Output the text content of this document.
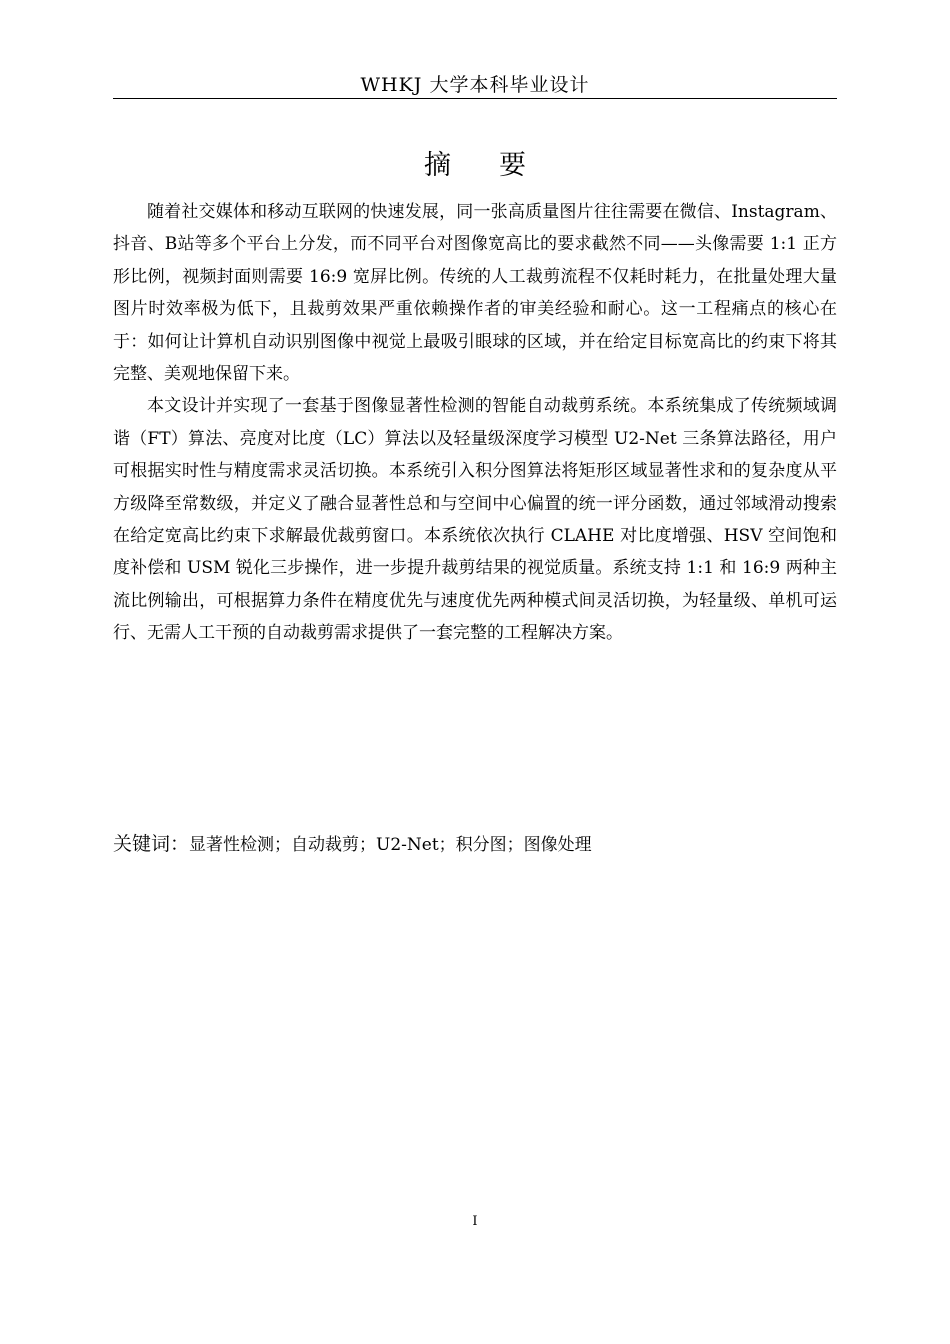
WHKJ 大学本科毕业设计
摘要

随着社交媒体和移动互联网的快速发展，同一张高质量图片往往需要在微信、Instagram、抖音、B站等多个平台上分发，而不同平台对图像宽高比的要求截然不同——头像需要 1:1 正方形比例，视频封面则需要 16:9 宽屏比例。传统的人工裁剪流程不仅耗时耗力，在批量处理大量图片时效率极为低下，且裁剪效果严重依赖操作者的审美经验和耐心。这一工程痛点的核心在于：如何让计算机自动识别图像中视觉上最吸引眼球的区域，并在给定目标宽高比的约束下将其完整、美观地保留下来。

本文设计并实现了一套基于图像显著性检测的智能自动裁剪系统。本系统集成了传统频域调谐（FT）算法、亮度对比度（LC）算法以及轻量级深度学习模型 U2-Net 三条算法路径，用户可根据实时性与精度需求灵活切换。本系统引入积分图算法将矩形区域显著性求和的复杂度从平方级降至常数级，并定义了融合显著性总和与空间中心偏置的统一评分函数，通过邻域滑动搜索在给定宽高比约束下求解最优裁剪窗口。本系统依次执行 CLAHE 对比度增强、HSV 空间饱和度补偿和 USM 锐化三步操作，进一步提升裁剪结果的视觉质量。系统支持 1:1 和 16:9 两种主流比例输出，可根据算力条件在精度优先与速度优先两种模式间灵活切换，为轻量级、单机可运行、无需人工干预的自动裁剪需求提供了一套完整的工程解决方案。

关键词：显著性检测；自动裁剪；U2-Net；积分图；图像处理
I
